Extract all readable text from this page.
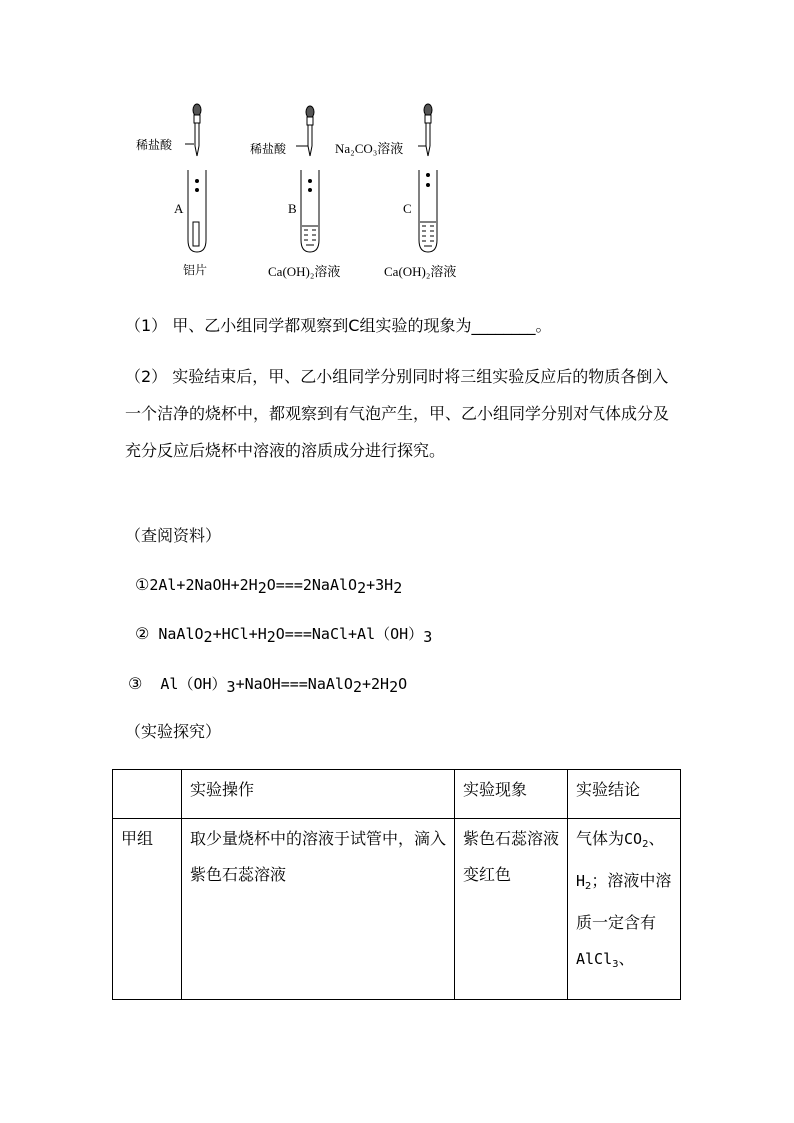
稀盐酸	稀盐酸	Na₂CO₃溶液
A	B	C
铝片	Ca(OH)₂溶液	Ca(OH)₂溶液
（1） 甲、乙小组同学都观察到C组实验的现象为________。
（2） 实验结束后，甲、乙小组同学分别同时将三组实验反应后的物质各倒入一个洁净的烧杯中，都观察到有气泡产生，甲、乙小组同学分别对气体成分及充分反应后烧杯中溶液的溶质成分进行探究。
（查阅资料）
$①2Al+2NaOH+2H_2O===2NaAlO_2+3H_2$
② $NaAlO_2+HCl+H_2O===NaCl+Al(OH)_3$
③  $Al(OH)_3+NaOH===NaAlO_2+2H_2O$
（实验探究）
	实验操作	实验现象	实验结论
甲组	取少量烧杯中的溶液于试管中，滴入紫色石蕊溶液	紫色石蕊溶液变红色	气体为$CO_2$、$H_2$；溶液中溶质一定含有AlCl$_3$、
